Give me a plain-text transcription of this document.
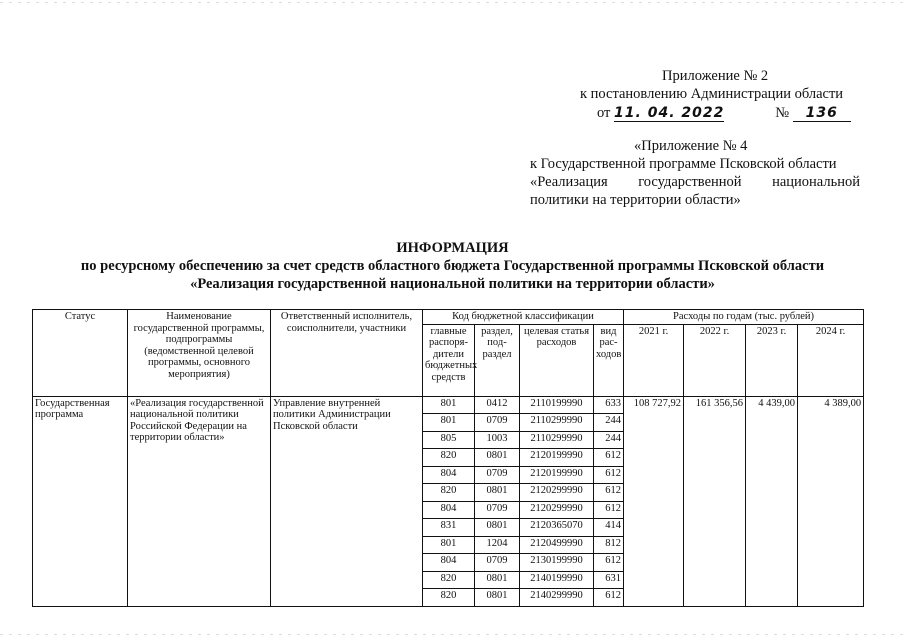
Приложение № 2
к постановлению Администрации области
от 11. 04. 2022	№ 136
«Приложение № 4
к Государственной программе Псковской области
«Реализация государственной национальной
политики на территории области»
ИНФОРМАЦИЯ
по ресурсному обеспечению за счет средств областного бюджета Государственной программы Псковской области
«Реализация государственной национальной политики на территории области»
Статус	Наименование государственной программы, подпрограммы (ведомственной целевой программы, основного мероприятия)	Ответственный исполнитель, соисполнители, участники	Код бюджетной классификации				Расходы по годам (тыс. рублей)			
			главные распоря-дители бюджетных средств	раздел, под-раздел	целевая статья расходов	вид рас-ходов	2021 г.	2022 г.	2023 г.	2024 г.
Государственная программа	«Реализация государственной национальной политики Российской Федерации на территории области»	Управление внутренней политики Администрации Псковской области	801	0412	2110199990	633	108 727,92	161 356,56	4 439,00	4 389,00
			801	0709	2110299990	244				
			805	1003	2110299990	244				
			820	0801	2120199990	612				
			804	0709	2120199990	612				
			820	0801	2120299990	612				
			804	0709	2120299990	612				
			831	0801	2120365070	414				
			801	1204	2120499990	812				
			804	0709	2130199990	612				
			820	0801	2140199990	631				
			820	0801	2140299990	612				
